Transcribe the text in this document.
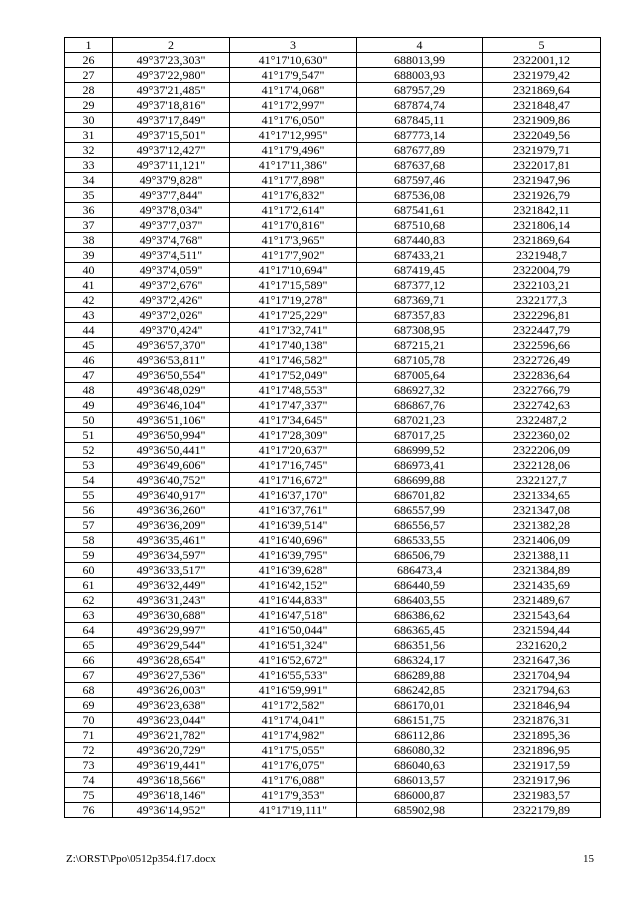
1	2	3	4	5
26	49°37'23,303"	41°17'10,630"	688013,99	2322001,12
27	49°37'22,980"	41°17'9,547"	688003,93	2321979,42
28	49°37'21,485"	41°17'4,068"	687957,29	2321869,64
29	49°37'18,816"	41°17'2,997"	687874,74	2321848,47
30	49°37'17,849"	41°17'6,050"	687845,11	2321909,86
31	49°37'15,501"	41°17'12,995"	687773,14	2322049,56
32	49°37'12,427"	41°17'9,496"	687677,89	2321979,71
33	49°37'11,121"	41°17'11,386"	687637,68	2322017,81
34	49°37'9,828"	41°17'7,898"	687597,46	2321947,96
35	49°37'7,844"	41°17'6,832"	687536,08	2321926,79
36	49°37'8,034"	41°17'2,614"	687541,61	2321842,11
37	49°37'7,037"	41°17'0,816"	687510,68	2321806,14
38	49°37'4,768"	41°17'3,965"	687440,83	2321869,64
39	49°37'4,511"	41°17'7,902"	687433,21	2321948,7
40	49°37'4,059"	41°17'10,694"	687419,45	2322004,79
41	49°37'2,676"	41°17'15,589"	687377,12	2322103,21
42	49°37'2,426"	41°17'19,278"	687369,71	2322177,3
43	49°37'2,026"	41°17'25,229"	687357,83	2322296,81
44	49°37'0,424"	41°17'32,741"	687308,95	2322447,79
45	49°36'57,370"	41°17'40,138"	687215,21	2322596,66
46	49°36'53,811"	41°17'46,582"	687105,78	2322726,49
47	49°36'50,554"	41°17'52,049"	687005,64	2322836,64
48	49°36'48,029"	41°17'48,553"	686927,32	2322766,79
49	49°36'46,104"	41°17'47,337"	686867,76	2322742,63
50	49°36'51,106"	41°17'34,645"	687021,23	2322487,2
51	49°36'50,994"	41°17'28,309"	687017,25	2322360,02
52	49°36'50,441"	41°17'20,637"	686999,52	2322206,09
53	49°36'49,606"	41°17'16,745"	686973,41	2322128,06
54	49°36'40,752"	41°17'16,672"	686699,88	2322127,7
55	49°36'40,917"	41°16'37,170"	686701,82	2321334,65
56	49°36'36,260"	41°16'37,761"	686557,99	2321347,08
57	49°36'36,209"	41°16'39,514"	686556,57	2321382,28
58	49°36'35,461"	41°16'40,696"	686533,55	2321406,09
59	49°36'34,597"	41°16'39,795"	686506,79	2321388,11
60	49°36'33,517"	41°16'39,628"	686473,4	2321384,89
61	49°36'32,449"	41°16'42,152"	686440,59	2321435,69
62	49°36'31,243"	41°16'44,833"	686403,55	2321489,67
63	49°36'30,688"	41°16'47,518"	686386,62	2321543,64
64	49°36'29,997"	41°16'50,044"	686365,45	2321594,44
65	49°36'29,544"	41°16'51,324"	686351,56	2321620,2
66	49°36'28,654"	41°16'52,672"	686324,17	2321647,36
67	49°36'27,536"	41°16'55,533"	686289,88	2321704,94
68	49°36'26,003"	41°16'59,991"	686242,85	2321794,63
69	49°36'23,638"	41°17'2,582"	686170,01	2321846,94
70	49°36'23,044"	41°17'4,041"	686151,75	2321876,31
71	49°36'21,782"	41°17'4,982"	686112,86	2321895,36
72	49°36'20,729"	41°17'5,055"	686080,32	2321896,95
73	49°36'19,441"	41°17'6,075"	686040,63	2321917,59
74	49°36'18,566"	41°17'6,088"	686013,57	2321917,96
75	49°36'18,146"	41°17'9,353"	686000,87	2321983,57
76	49°36'14,952"	41°17'19,111"	685902,98	2322179,89
Z:\ORST\Ppo\0512p354.f17.docx	15
